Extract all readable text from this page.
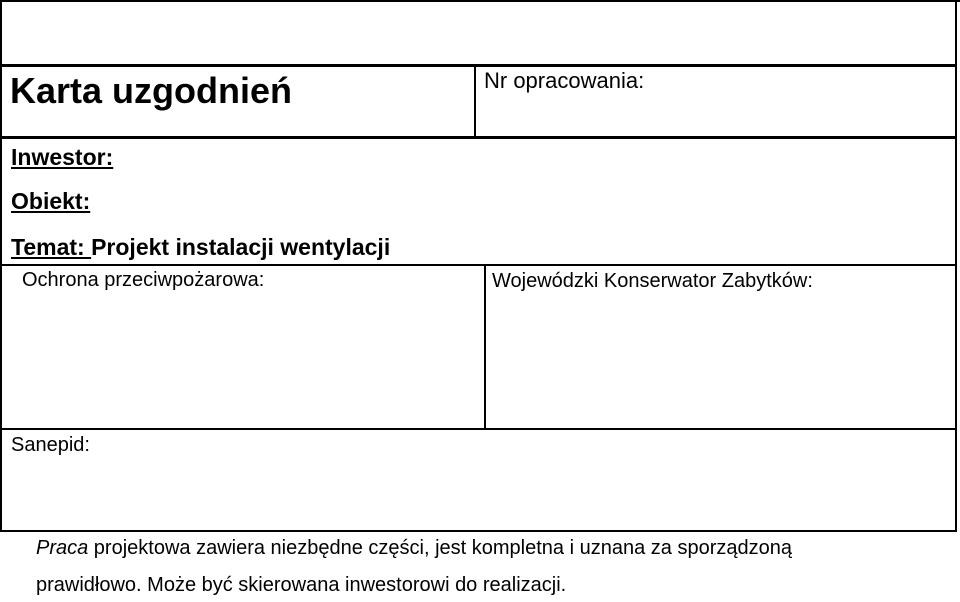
Karta uzgodnień	Nr opracowania:
Inwestor:
Obiekt:
Temat: Projekt instalacji wentylacji
Ochrona przeciwpożarowa:	Wojewódzki Konserwator Zabytków:
Sanepid:
Praca projektowa zawiera niezbędne części, jest kompletna i uznana za sporządzoną
prawidłowo. Może być skierowana inwestorowi do realizacji.
